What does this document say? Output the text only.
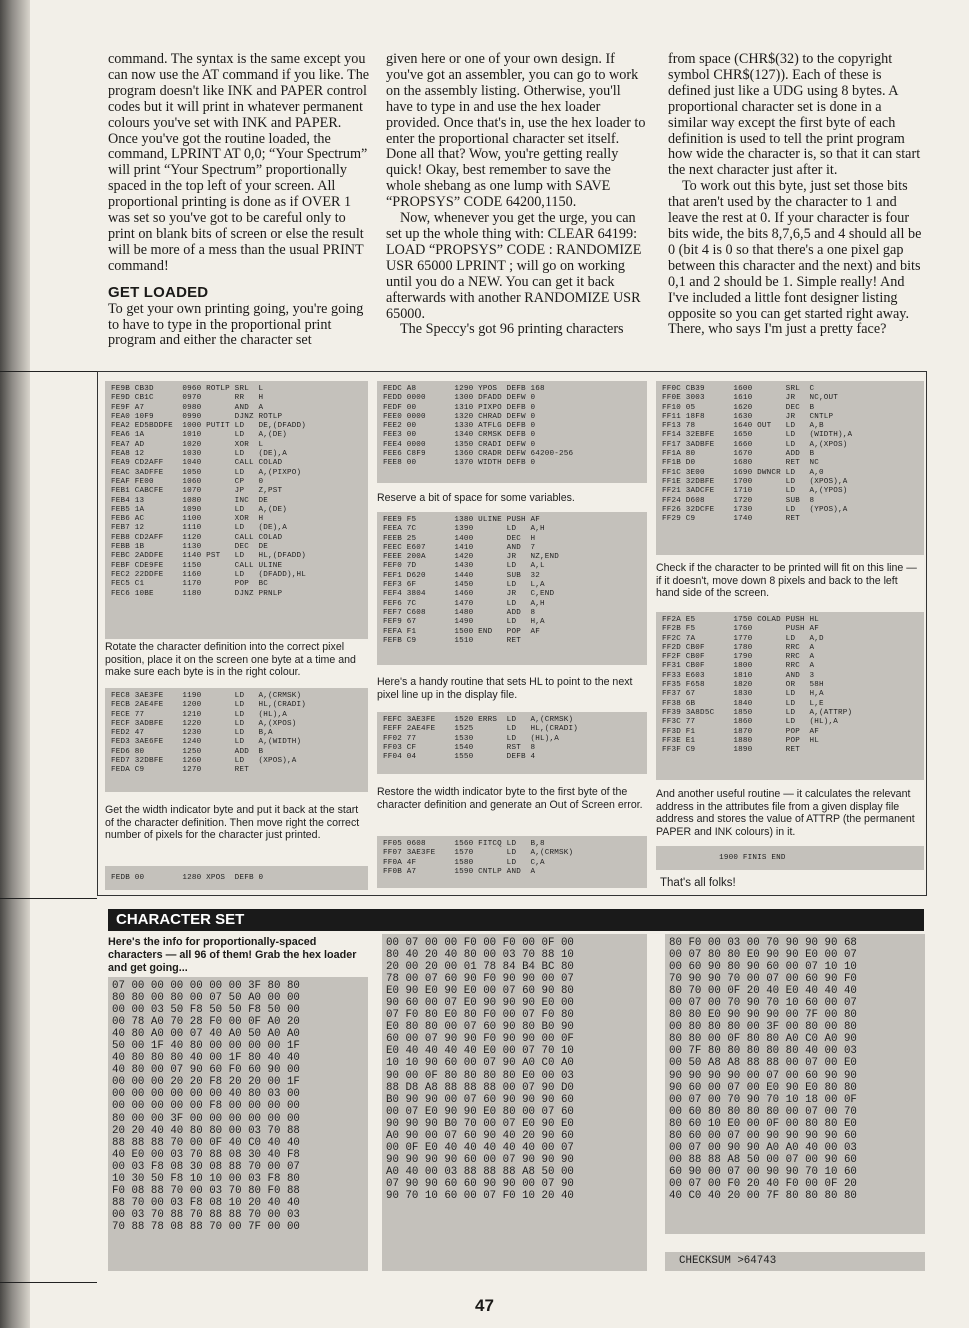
command. The syntax is the same except you can now use the AT command if you like. The program doesn't like INK and PAPER control codes but it will print in whatever permanent colours you've set with INK and PAPER. Once you've got the routine loaded, the command, LPRINT AT 0,0; “Your Spectrum” will print “Your Spectrum” proportionally spaced in the top left of your screen. All proportional printing is done as if OVER 1 was set so you've got to be careful only to print on blank bits of screen or else the result will be more of a mess than the usual PRINT command!

GET LOADED

To get your own printing going, you're going to have to type in the proportional print program and either the character set

given here or one of your own design. If you've got an assembler, you can go to work on the assembly listing. Otherwise, you'll have to type in and use the hex loader provided. Once that's in, use the hex loader to enter the proportional character set itself. Done all that? Wow, you're getting really quick! Okay, best remember to save the whole shebang as one lump with SAVE “PROPSYS” CODE 64200,1150.

Now, whenever you get the urge, you can set up the whole thing with: CLEAR 64199: LOAD “PROPSYS” CODE : RANDOMIZE USR 65000 LPRINT ; will go on working until you do a NEW. You can get it back afterwards with another RANDOMIZE USR 65000.

The Speccy's got 96 printing characters

from space (CHR$(32) to the copyright symbol CHR$(127)). Each of these is defined just like a UDG using 8 bytes. A proportional character set is done in a similar way except the first byte of each definition is used to tell the print program how wide the character is, so that it can start the next character just after it.

To work out this byte, just set those bits that aren't used by the character to 1 and leave the rest at 0. If your character is four bits wide, the bits 8,7,6,5 and 4 should all be 0 (bit 4 is 0 so that there's a one pixel gap between this character and the next) and bits 0,1 and 2 should be 1. Simple really! And I've included a little font designer listing opposite so you can get started right away. There, who says I'm just a pretty face?

FE9B CB3D      0960 ROTLP SRL  L
FE9D CB1C      0970       RR   H
FE9F A7        0980       AND  A
FEA0 10F9      0990       DJNZ ROTLP
FEA2 ED5BDDFE  1000 PUTIT LD   DE,(DFADD)
FEA6 1A        1010       LD   A,(DE)
FEA7 AD        1020       XOR  L
FEA8 12        1030       LD   (DE),A
FEA9 CD2AFF    1040       CALL COLAD
FEAC 3ADFFE    1050       LD   A,(PIXPO)
FEAF FE00      1060       CP   0
FEB1 CABCFE    1070       JP   Z,PST
FEB4 13        1080       INC  DE
FEB5 1A        1090       LD   A,(DE)
FEB6 AC        1100       XOR  H
FEB7 12        1110       LD   (DE),A
FEB8 CD2AFF    1120       CALL COLAD
FEBB 1B        1130       DEC  DE
FEBC 2ADDFE    1140 PST   LD   HL,(DFADD)
FEBF CDE9FE    1150       CALL ULINE
FEC2 22DDFE    1160       LD   (DFADD),HL
FEC5 C1        1170       POP  BC
FEC6 10BE      1180       DJNZ PRNLP
Rotate the character definition into the correct pixel position, place it on the screen one byte at a time and make sure each byte is in the right colour.
FEC8 3AE3FE    1190       LD   A,(CRMSK)
FECB 2AE4FE    1200       LD   HL,(CRADI)
FECE 77        1210       LD   (HL),A
FECF 3ADBFE    1220       LD   A,(XPOS)
FED2 47        1230       LD   B,A
FED3 3AE6FE    1240       LD   A,(WIDTH)
FED6 80        1250       ADD  B
FED7 32DBFE    1260       LD   (XPOS),A
FEDA C9        1270       RET
Get the width indicator byte and put it back at the start of the character definition. Then move right the correct number of pixels for the character just printed.
FEDB 00        1280 XPOS  DEFB 0
FEDC A8        1290 YPOS  DEFB 168
FEDD 0000      1300 DFADD DEFW 0
FEDF 00        1310 PIXPO DEFB 0
FEE0 0000      1320 CHRAD DEFW 0
FEE2 00        1330 ATFLG DEFB 0
FEE3 00        1340 CRMSK DEFB 0
FEE4 0000      1350 CRADI DEFW 0
FEE6 C8F9      1360 CRADR DEFW 64200-256
FEE8 00        1370 WIDTH DEFB 0
Reserve a bit of space for some variables.
FEE9 F5        1380 ULINE PUSH AF
FEEA 7C        1390       LD   A,H
FEEB 25        1400       DEC  H
FEEC E607      1410       AND  7
FEEE 200A      1420       JR   NZ,END
FEF0 7D        1430       LD   A,L
FEF1 D620      1440       SUB  32
FEF3 6F        1450       LD   L,A
FEF4 3804      1460       JR   C,END
FEF6 7C        1470       LD   A,H
FEF7 C608      1480       ADD  8
FEF9 67        1490       LD   H,A
FEFA F1        1500 END   POP  AF
FEFB C9        1510       RET
Here's a handy routine that sets HL to point to the next pixel line up in the display file.
FEFC 3AE3FE    1520 ERRS  LD   A,(CRMSK)
FEFF 2AE4FE    1525       LD   HL,(CRADI)
FF02 77        1530       LD   (HL),A
FF03 CF        1540       RST  8
FF04 04        1550       DEFB 4
Restore the width indicator byte to the first byte of the character definition and generate an Out of Screen error.
FF05 0608      1560 FITCQ LD   B,8
FF07 3AE3FE    1570       LD   A,(CRMSK)
FF0A 4F        1580       LD   C,A
FF0B A7        1590 CNTLP AND  A
FF0C CB39      1600       SRL  C
FF0E 3003      1610       JR   NC,OUT
FF10 05        1620       DEC  B
FF11 18F8      1630       JR   CNTLP
FF13 78        1640 OUT   LD   A,B
FF14 32EBFE    1650       LD   (WIDTH),A
FF17 3ADBFE    1660       LD   A,(XPOS)
FF1A 80        1670       ADD  B
FF1B D0        1680       RET  NC
FF1C 3E00      1690 DWNCR LD   A,0
FF1E 32DBFE    1700       LD   (XPOS),A
FF21 3ADCFE    1710       LD   A,(YPOS)
FF24 D608      1720       SUB  8
FF26 32DCFE    1730       LD   (YPOS),A
FF29 C9        1740       RET
Check if the character to be printed will fit on this line — if it doesn't, move down 8 pixels and back to the left hand side of the screen.
FF2A E5        1750 COLAD PUSH HL
FF2B F5        1760       PUSH AF
FF2C 7A        1770       LD   A,D
FF2D CB0F      1780       RRC  A
FF2F CB0F      1790       RRC  A
FF31 CB0F      1800       RRC  A
FF33 E603      1810       AND  3
FF35 F658      1820       OR   58H
FF37 67        1830       LD   H,A
FF38 6B        1840       LD   L,E
FF39 3A8D5C    1850       LD   A,(ATTRP)
FF3C 77        1860       LD   (HL),A
FF3D F1        1870       POP  AF
FF3E E1        1880       POP  HL
FF3F C9        1890       RET
And another useful routine — it calculates the relevant address in the attributes file from a given display file address and stores the value of ATTRP (the permanent PAPER and INK colours) in it.
1900 FINIS END
That's all folks!
CHARACTER SET
Here's the info for proportionally-spaced characters — all 96 of them! Grab the hex loader and get going...
07 00 00 00 00 00 00 3F 80 80
80 80 00 80 00 07 50 A0 00 00
00 00 03 50 F8 50 50 F8 50 00
00 78 A0 70 28 F0 00 0F A0 20
40 80 A0 00 07 40 A0 50 A0 A0
50 00 1F 40 80 00 00 00 00 1F
40 80 80 80 40 00 1F 80 40 40
40 80 00 07 90 60 F0 60 90 00
00 00 00 20 20 F8 20 20 00 1F
00 00 00 00 00 00 40 80 03 00
00 00 00 00 00 F8 00 00 00 00
80 00 00 3F 00 00 00 00 00 00
20 20 40 40 80 80 00 03 70 88
88 88 88 70 00 0F 40 C0 40 40
40 E0 00 03 70 88 08 30 40 F8
00 03 F8 08 30 08 88 70 00 07
10 30 50 F8 10 10 00 03 F8 80
F0 08 88 70 00 03 70 80 F0 88
88 70 00 03 F8 08 10 20 40 40
00 03 70 88 70 88 88 70 00 03
70 88 78 08 88 70 00 7F 00 00
00 07 00 00 F0 00 F0 00 0F 00
80 40 20 40 80 00 03 70 88 10
20 00 20 00 01 78 84 B4 BC 80
78 00 07 60 90 F0 90 90 00 07
E0 90 E0 90 E0 00 07 60 90 80
90 60 00 07 E0 90 90 90 E0 00
07 F0 80 E0 80 F0 00 07 F0 80
E0 80 80 00 07 60 90 80 B0 90
60 00 07 90 90 F0 90 90 00 0F
E0 40 40 40 40 E0 00 07 70 10
10 10 90 60 00 07 90 A0 C0 A0
90 00 0F 80 80 80 80 E0 00 03
88 D8 A8 88 88 88 00 07 90 D0
B0 90 90 00 07 60 90 90 90 60
00 07 E0 90 90 E0 80 00 07 60
90 90 90 B0 70 00 07 E0 90 E0
A0 90 00 07 60 90 40 20 90 60
00 0F E0 40 40 40 40 40 00 07
90 90 90 90 60 00 07 90 90 90
A0 40 00 03 88 88 88 A8 50 00
07 90 90 60 60 90 90 00 07 90
90 70 10 60 00 07 F0 10 20 40
80 F0 00 03 00 70 90 90 90 68
00 07 80 80 E0 90 90 E0 00 07
00 60 90 80 90 60 00 07 10 10
70 90 90 70 00 07 00 60 90 F0
80 70 00 0F 20 40 E0 40 40 40
00 07 00 70 90 70 10 60 00 07
80 80 E0 90 90 90 00 7F 00 80
00 80 80 80 00 3F 00 80 00 80
80 80 00 0F 80 80 A0 C0 A0 90
00 7F 80 80 80 80 80 40 00 03
00 50 A8 A8 88 88 00 07 00 E0
90 90 90 90 00 07 00 60 90 90
90 60 00 07 00 E0 90 E0 80 80
00 07 00 70 90 70 10 18 00 0F
00 60 80 80 80 80 00 07 00 70
80 60 10 E0 00 0F 00 80 80 E0
80 60 00 07 00 90 90 90 90 60
00 07 00 90 90 A0 A0 40 00 03
00 88 88 A8 50 00 07 00 90 60
60 90 00 07 00 90 90 70 10 60
00 07 00 F0 20 40 F0 00 0F 20
40 C0 40 20 00 7F 80 80 80 80
CHECKSUM >64743
47
